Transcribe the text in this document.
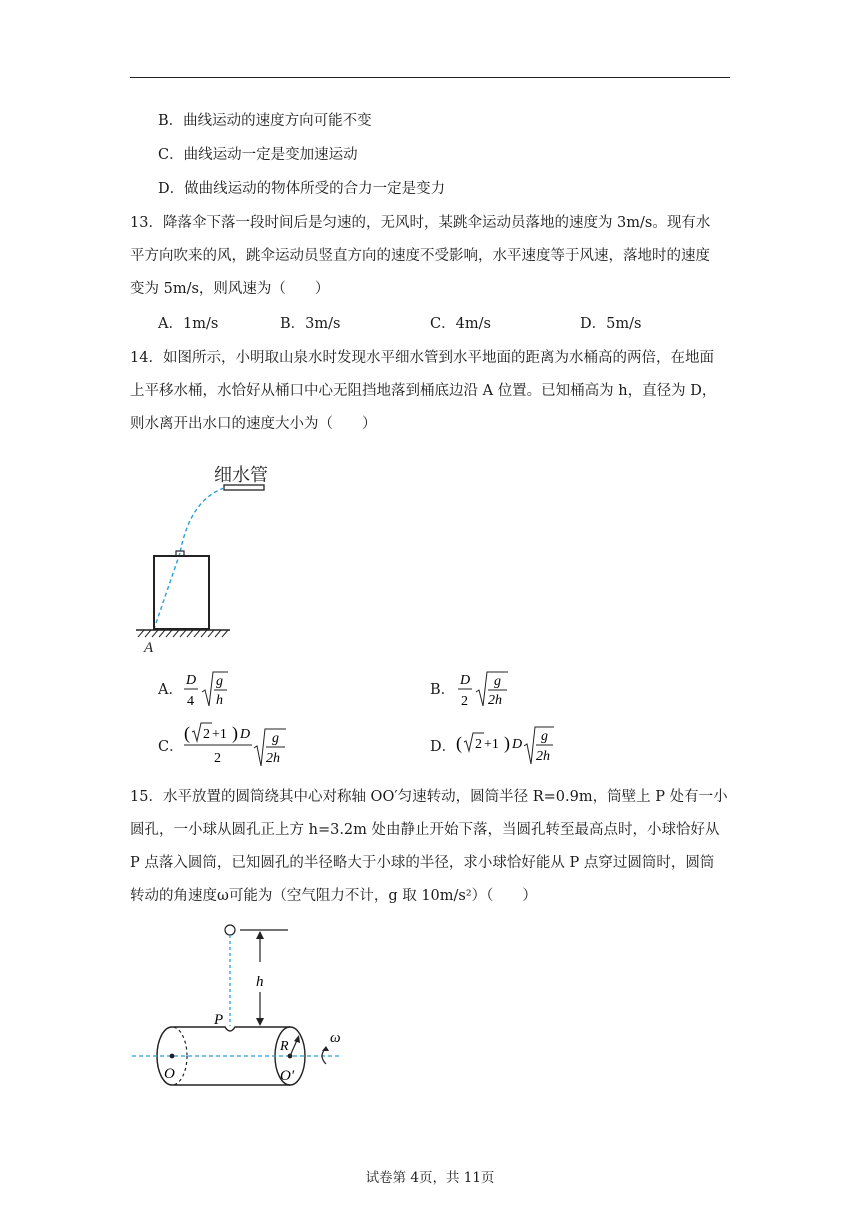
B．曲线运动的速度方向可能不变
C．曲线运动一定是变加速运动
D．做曲线运动的物体所受的合力一定是变力
13．降落伞下落一段时间后是匀速的，无风时，某跳伞运动员落地的速度为 3m/s。现有水
平方向吹来的风，跳伞运动员竖直方向的速度不受影响，水平速度等于风速，落地时的速度
变为 5m/s，则风速为（　　）
A．1m/s	B．3m/s	C．4m/s	D．5m/s
14．如图所示，小明取山泉水时发现水平细水管到水平地面的距离为水桶高的两倍，在地面
上平移水桶，水恰好从桶口中心无阻挡地落到桶底边沿 A 位置。已知桶高为 h，直径为 D，
则水离开出水口的速度大小为（　　）
细水管
A
A．
D
4
g
h
B．
D
2
g
2h
C．
( 2 +1 ) D
2
g
2h
D． ( 2 +1 ) D
g
2h
15．水平放置的圆筒绕其中心对称轴 OO′匀速转动，圆筒半径 R=0.9m，筒壁上 P 处有一小
圆孔，一小球从圆孔正上方 h=3.2m 处由静止开始下落，当圆孔转至最高点时，小球恰好从
P 点落入圆筒，已知圆孔的半径略大于小球的半径，求小球恰好能从 P 点穿过圆筒时，圆筒
转动的角速度ω可能为（空气阻力不计，g 取 10m/s²）（　　）
h
P
R
O	O′
ω
试卷第 4页，共 11页
